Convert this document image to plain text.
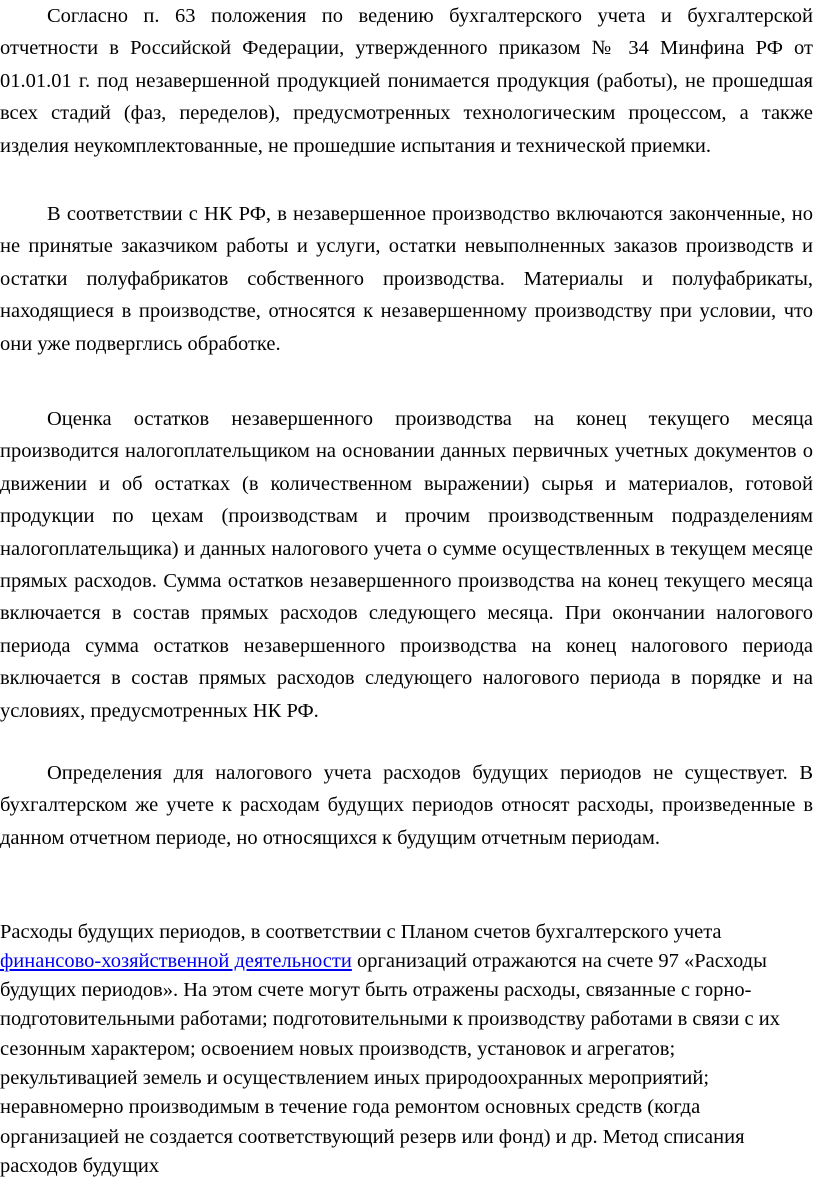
Согласно п. 63 положения по ведению бухгалтерского учета и бухгалтерской отчетности в Российской Федерации, утвержденного приказом № 34 Минфина РФ от 01.01.01 г. под незавершенной продукцией понимается продукция (работы), не прошедшая всех стадий (фаз, переделов), предусмотренных технологическим процессом, а также изделия неукомплектованные, не прошедшие испытания и технической приемки.

В соответствии с НК РФ, в незавершенное производство включаются законченные, но не принятые заказчиком работы и услуги, остатки невыполненных заказов производств и остатки полуфабрикатов собственного производства. Материалы и полуфабрикаты, находящиеся в производстве, относятся к незавершенному производству при условии, что они уже подверглись обработке.

Оценка остатков незавершенного производства на конец текущего месяца производится налогоплательщиком на основании данных первичных учетных документов о движении и об остатках (в количественном выражении) сырья и материалов, готовой продукции по цехам (производствам и прочим производственным подразделениям налогоплательщика) и данных налогового учета о сумме осуществленных в текущем месяце прямых расходов. Сумма остатков незавершенного производства на конец текущего месяца включается в состав прямых расходов следующего месяца. При окончании налогового периода сумма остатков незавершенного производства на конец налогового периода включается в состав прямых расходов следующего налогового периода в порядке и на условиях, предусмотренных НК РФ.

Определения для налогового учета расходов будущих периодов не существует. В бухгалтерском же учете к расходам будущих периодов относят расходы, произведенные в данном отчетном периоде, но относящихся к будущим отчетным периодам.

Расходы будущих периодов, в соответствии с Планом счетов бухгалтерского учета финансово-хозяйственной деятельности организаций отражаются на счете 97 «Расходы будущих периодов». На этом счете могут быть отражены расходы, связанные с горно-подготовительными работами; подготовительными к производству работами в связи с их сезонным характером; освоением новых производств, установок и агрегатов; рекультивацией земель и осуществлением иных природоохранных мероприятий; неравномерно производимым в течение года ремонтом основных средств (когда организацией не создается соответствующий резерв или фонд) и др. Метод списания расходов будущих
